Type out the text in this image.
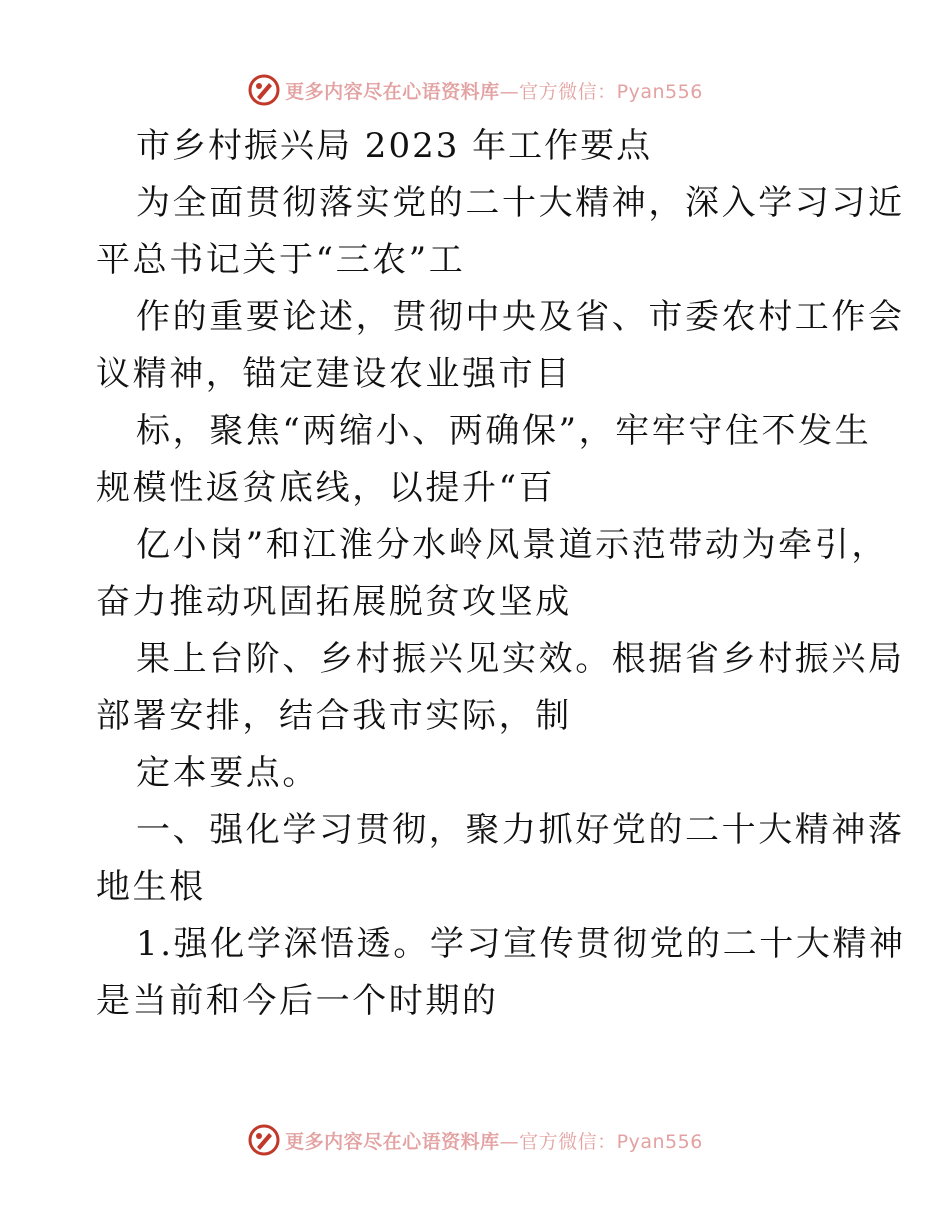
更多内容尽在心语资料库—官方微信：Pyan556
市乡村振兴局 2023 年工作要点
为全面贯彻落实党的二十大精神，深入学习习近
平总书记关于“三农”工
作的重要论述，贯彻中央及省、市委农村工作会
议精神，锚定建设农业强市目
标，聚焦“两缩小、两确保”，牢牢守住不发生
规模性返贫底线，以提升“百
亿小岗”和江淮分水岭风景道示范带动为牵引，
奋力推动巩固拓展脱贫攻坚成
果上台阶、乡村振兴见实效。根据省乡村振兴局
部署安排，结合我市实际，制
定本要点。
一、强化学习贯彻，聚力抓好党的二十大精神落
地生根
1.强化学深悟透。学习宣传贯彻党的二十大精神
是当前和今后一个时期的
更多内容尽在心语资料库—官方微信：Pyan556
